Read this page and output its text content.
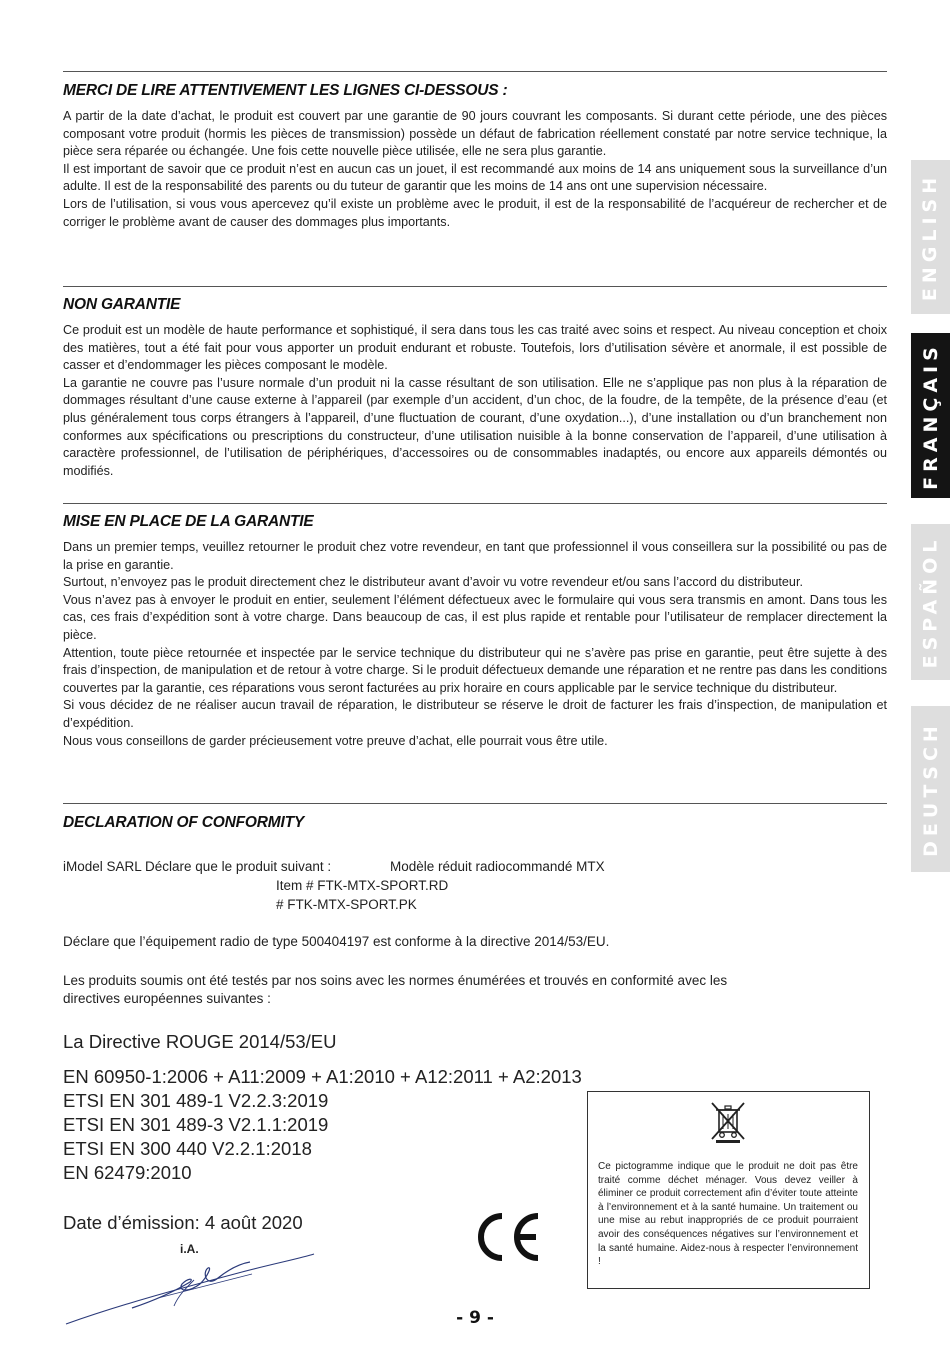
ENGLISH
FRANÇAIS
ESPAÑOL
DEUTSCH
MERCI DE LIRE ATTENTIVEMENT LES LIGNES CI-DESSOUS :
A partir de la date d’achat, le produit est couvert par une garantie de 90 jours couvrant les composants. Si durant cette période, une des pièces composant votre produit (hormis les pièces de transmission) possède un défaut de fabrication réellement constaté par notre service technique, la pièce sera réparée ou échangée. Une fois cette nouvelle pièce utilisée, elle ne sera plus garantie.
Il est important de savoir que ce produit n’est en aucun cas un jouet, il est recommandé aux moins de 14 ans uniquement sous la surveillance d’un adulte. Il est de la responsabilité des parents ou du tuteur de garantir que les moins de 14 ans ont une supervision nécessaire.
Lors de l’utilisation, si vous vous apercevez qu’il existe un problème avec le produit, il est de la responsabilité de l’acquéreur de rechercher et de corriger le problème avant de causer des dommages plus importants.
NON GARANTIE
Ce produit est un modèle de haute performance et sophistiqué, il sera dans tous les cas traité avec soins et respect. Au niveau conception et choix des matières, tout a été fait pour vous apporter un produit endurant et robuste. Toutefois, lors d’utilisation sévère et anormale, il est possible de casser et d’endommager les pièces composant le modèle.
La garantie ne couvre pas l’usure normale d’un produit ni la casse résultant de son utilisation. Elle ne s’applique pas non plus à la réparation de dommages résultant d’une cause externe à l’appareil (par exemple d’un accident, d’un choc, de la foudre, de la tempête, de la présence d’eau (et plus généralement tous corps étrangers à l’appareil, d’une fluctuation de courant, d’une oxydation...), d’une installation ou d’un branchement non conformes aux spécifications ou prescriptions du constructeur, d’une utilisation nuisible à la bonne conservation de l’appareil, d’une utilisation à caractère professionnel, de l’utilisation de périphériques, d’accessoires ou de consommables inadaptés, ou encore aux appareils démontés ou modifiés.
MISE EN PLACE DE LA GARANTIE
Dans un premier temps, veuillez retourner le produit chez votre revendeur, en tant que professionnel il vous conseillera sur la possibilité ou pas de la prise en garantie.
Surtout, n’envoyez pas le produit directement chez le distributeur avant d’avoir vu votre revendeur et/ou sans l’accord du distributeur.
Vous n’avez pas à envoyer le produit en entier, seulement l’élément défectueux avec le formulaire qui vous sera transmis en amont. Dans tous les cas, ces frais d’expédition sont à votre charge. Dans beaucoup de cas, il est plus rapide et rentable pour l’utilisateur de remplacer directement la pièce.
Attention, toute pièce retournée et inspectée par le service technique du distributeur qui ne s’avère pas prise en garantie, peut être sujette à des frais d’inspection, de manipulation et de retour à votre charge. Si le produit défectueux demande une réparation et ne rentre pas dans les conditions couvertes par la garantie, ces réparations vous seront facturées au prix horaire en cours applicable par le service technique du distributeur.
Si vous décidez de ne réaliser aucun travail de réparation, le distributeur se réserve le droit de facturer les frais d’inspection, de manipulation et d’expédition.
Nous vous conseillons de garder précieusement votre preuve d’achat, elle pourrait vous être utile.
DECLARATION OF CONFORMITY
iModel SARL Déclare que le produit suivant :	Modèle réduit radiocommandé MTX
Item # FTK-MTX-SPORT.RD
# FTK-MTX-SPORT.PK
Déclare que l’équipement radio de type 500404197 est conforme à la directive 2014/53/EU.
Les produits soumis ont été testés par nos soins avec les normes énumérées et trouvés en conformité avec les
directives européennes suivantes :
La Directive ROUGE 2014/53/EU
EN 60950-1:2006 + A11:2009 + A1:2010 + A12:2011 + A2:2013
ETSI EN 301 489-1 V2.2.3:2019
ETSI EN 301 489-3 V2.1.1:2019
ETSI EN 300 440 V2.2.1:2018
EN 62479:2010
Date d’émission: 4 août 2020
i.A.
Ce pictogramme indique que le produit ne doit pas être traité comme déchet ménager. Vous devez veiller à éliminer ce produit correctement afin d’éviter toute atteinte à l’environnement et à la santé humaine. Un traitement ou une mise au rebut inappropriés de ce produit pourraient avoir des conséquences négatives sur l’environnement et la santé humaine. Aidez-nous à respecter l’environnement !
- 9 -
